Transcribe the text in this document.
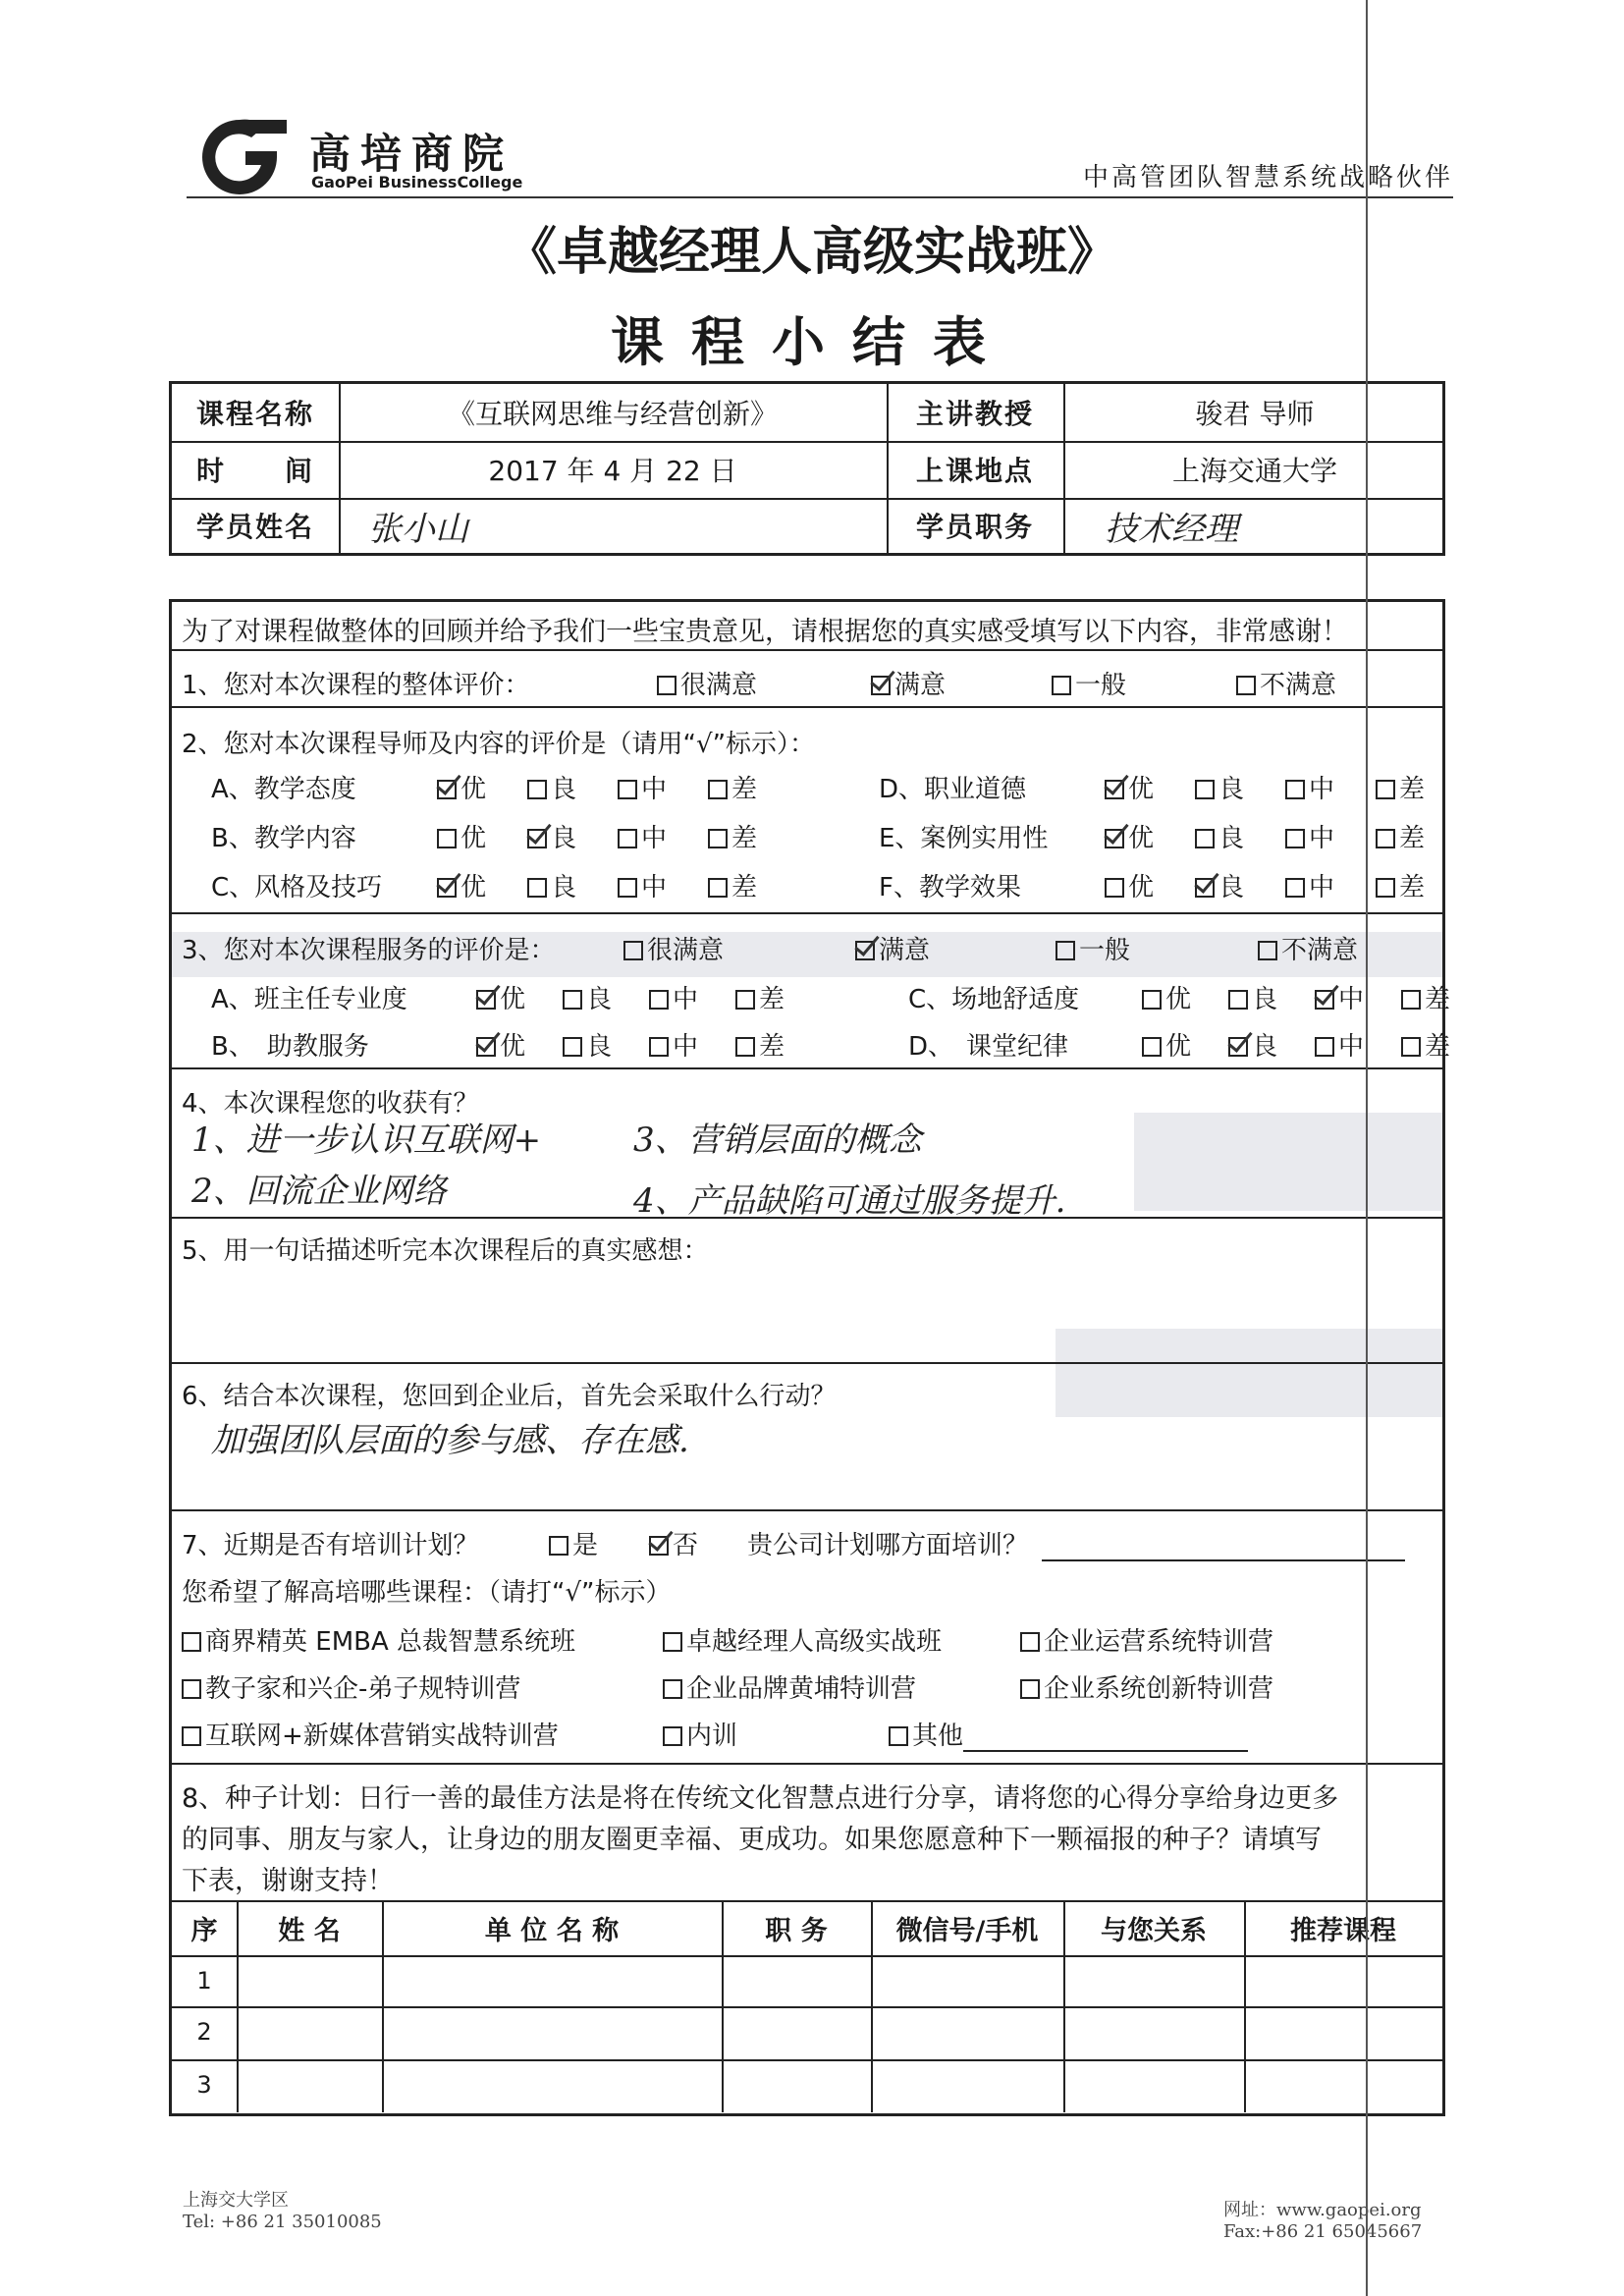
高培商院
GaoPei BusinessCollege	中高管团队智慧系统战略伙伴
《卓越经理人高级实战班》
课程小结表
课程名称	《互联网思维与经营创新》	主讲教授	骏君 导师
时　　间	2017 年 4 月 22 日	上课地点	上海交通大学
学员姓名	张小山	学员职务	技术经理
为了对课程做整体的回顾并给予我们一些宝贵意见，请根据您的真实感受填写以下内容，非常感谢！
1、您对本次课程的整体评价：	很满意	满意	一般	不满意
2、您对本次课程导师及内容的评价是（请用“√”标示）：
A、教学态度	优	良	中	差
B、教学内容	优	良	中	差
C、风格及技巧	优	良	中	差
D、职业道德	优	良	中	差
E、案例实用性	优	良	中	差
F、教学效果	优	良	中	差
3、您对本次课程服务的评价是：	很满意	满意	一般	不满意
A、班主任专业度	优	良	中	差
B、　助教服务	优	良	中	差
C、场地舒适度	优	良	中	差
D、　课堂纪律	优	良	中	差
4、本次课程您的收获有？
1、进一步认识互联网+
2、回流企业网络
3、营销层面的概念
4、产品缺陷可通过服务提升.
5、用一句话描述听完本次课程后的真实感想：
6、结合本次课程，您回到企业后，首先会采取什么行动？
加强团队层面的参与感、存在感.
7、近期是否有培训计划？	是	否 贵公司计划哪方面培训？
您希望了解高培哪些课程：（请打“√”标示）
商界精英 EMBA 总裁智慧系统班	卓越经理人高级实战班	企业运营系统特训营
教子家和兴企-弟子规特训营	企业品牌黄埔特训营	企业系统创新特训营
互联网+新媒体营销实战特训营	内训	其他
8、种子计划：日行一善的最佳方法是将在传统文化智慧点进行分享，请将您的心得分享给身边更多
的同事、朋友与家人，让身边的朋友圈更幸福、更成功。如果您愿意种下一颗福报的种子？请填写
下表，谢谢支持！
序	姓 名	单 位 名 称	职 务	微信号/手机	与您关系	推荐课程
1
2
3
上海交大学区
Tel: +86 21 35010085
网址：www.gaopei.org
Fax:+86 21 65045667
